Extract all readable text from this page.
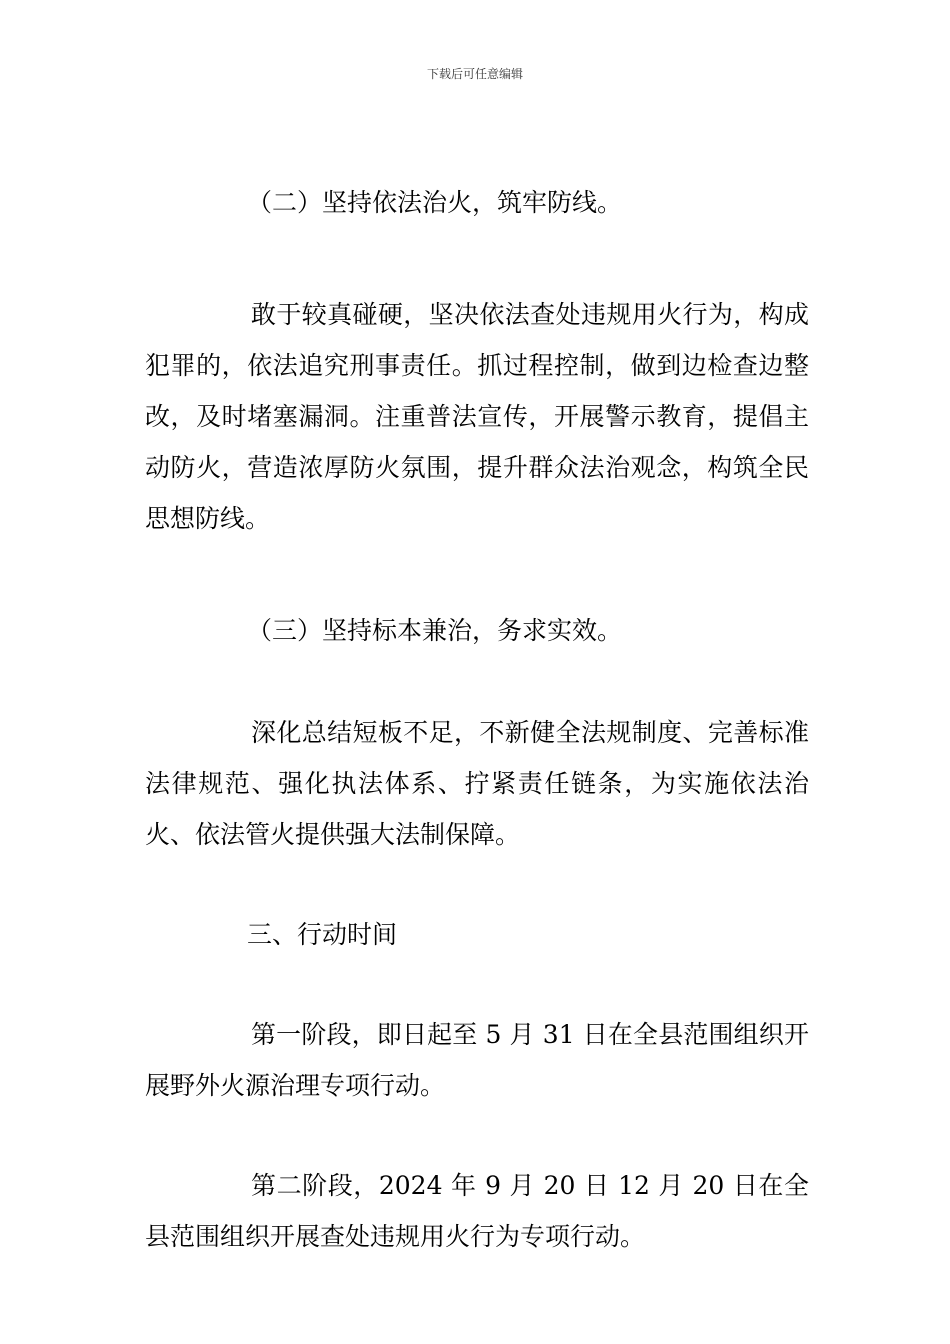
下载后可任意编辑

（二）坚持依法治火，筑牢防线。

敢于较真碰硬，坚决依法查处违规用火行为，构成犯罪的，依法追究刑事责任。抓过程控制，做到边检查边整改，及时堵塞漏洞。注重普法宣传，开展警示教育，提倡主动防火，营造浓厚防火氛围，提升群众法治观念，构筑全民思想防线。

（三）坚持标本兼治，务求实效。

深化总结短板不足，不新健全法规制度、完善标准法律规范、强化执法体系、拧紧责任链条，为实施依法治火、依法管火提供强大法制保障。

三、行动时间

第一阶段，即日起至 5 月 31 日在全县范围组织开展野外火源治理专项行动。

第二阶段，2024 年 9 月 20 日 12 月 20 日在全县范围组织开展查处违规用火行为专项行动。
